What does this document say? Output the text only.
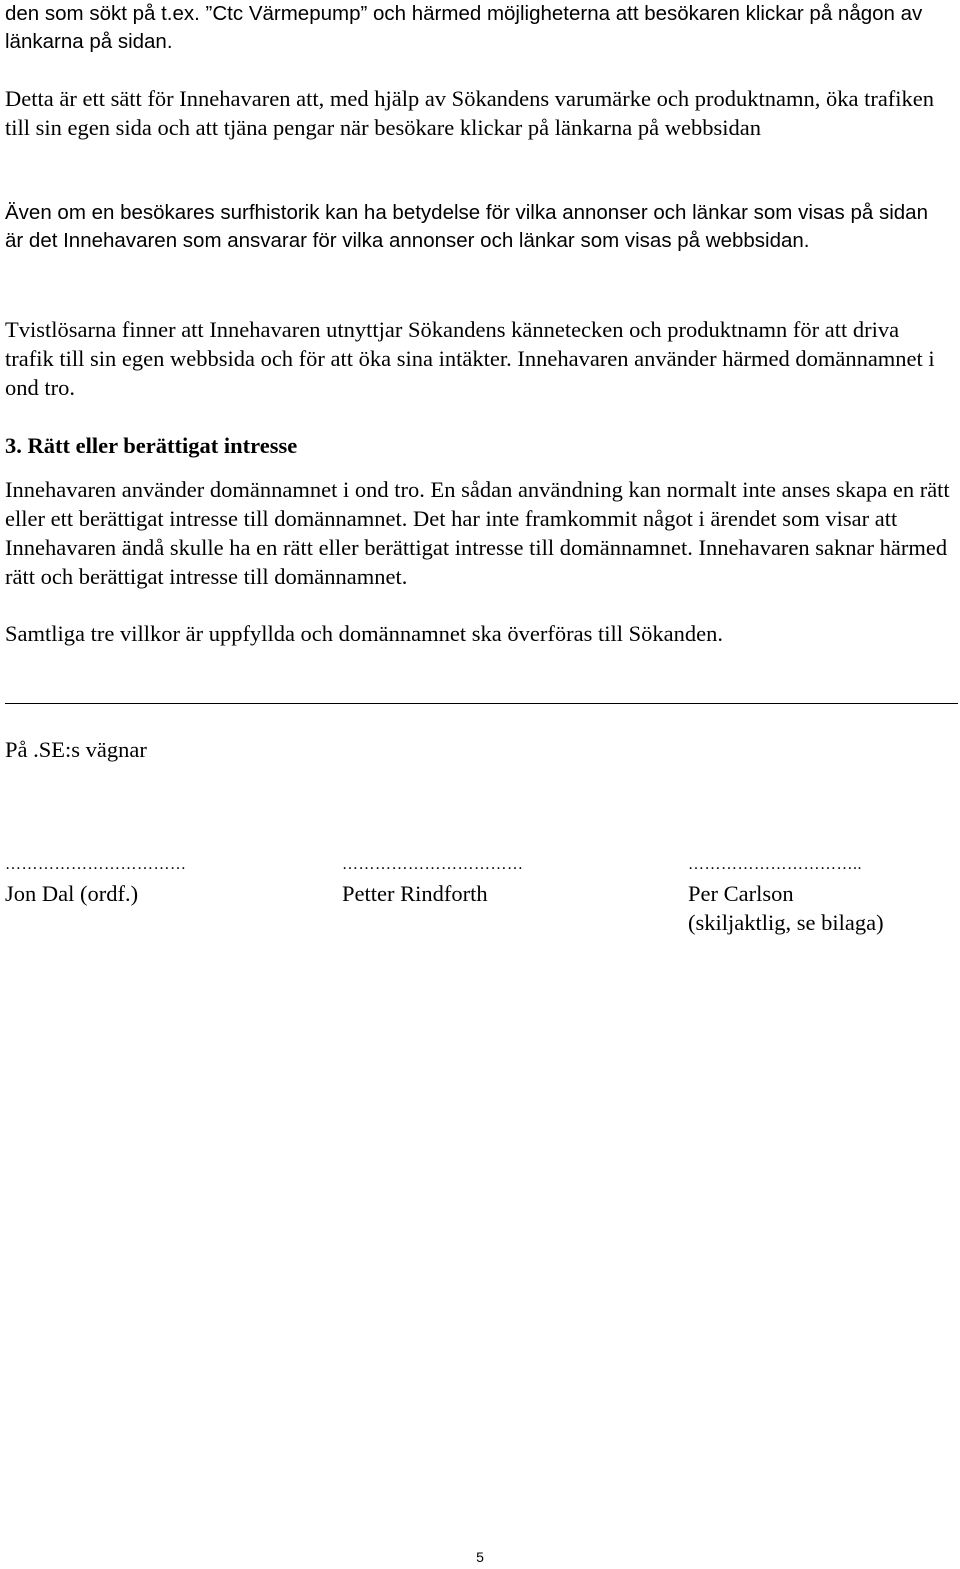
den som sökt på t.ex. ”Ctc Värmepump” och härmed möjligheterna att besökaren klickar på någon av länkarna på sidan.

Detta är ett sätt för Innehavaren att, med hjälp av Sökandens varumärke och produktnamn, öka trafiken till sin egen sida och att tjäna pengar när besökare klickar på länkarna på webbsidan

Även om en besökares surfhistorik kan ha betydelse för vilka annonser och länkar som visas på sidan är det Innehavaren som ansvarar för vilka annonser och länkar som visas på webbsidan.

Tvistlösarna finner att Innehavaren utnyttjar Sökandens kännetecken och produktnamn för att driva trafik till sin egen webbsida och för att öka sina intäkter. Innehavaren använder härmed domännamnet i ond tro.

3. Rätt eller berättigat intresse

Innehavaren använder domännamnet i ond tro. En sådan användning kan normalt inte anses skapa en rätt eller ett berättigat intresse till domännamnet. Det har inte framkommit något i ärendet som visar att Innehavaren ändå skulle ha en rätt eller berättigat intresse till domännamnet. Innehavaren saknar härmed rätt och berättigat intresse till domännamnet.

Samtliga tre villkor är uppfyllda och domännamnet ska överföras till Sökanden.

På .SE:s vägnar

……………………………
Jon Dal (ordf.)
……………………………
Petter Rindforth
…………………………..
Per Carlson
(skiljaktlig, se bilaga)
5
